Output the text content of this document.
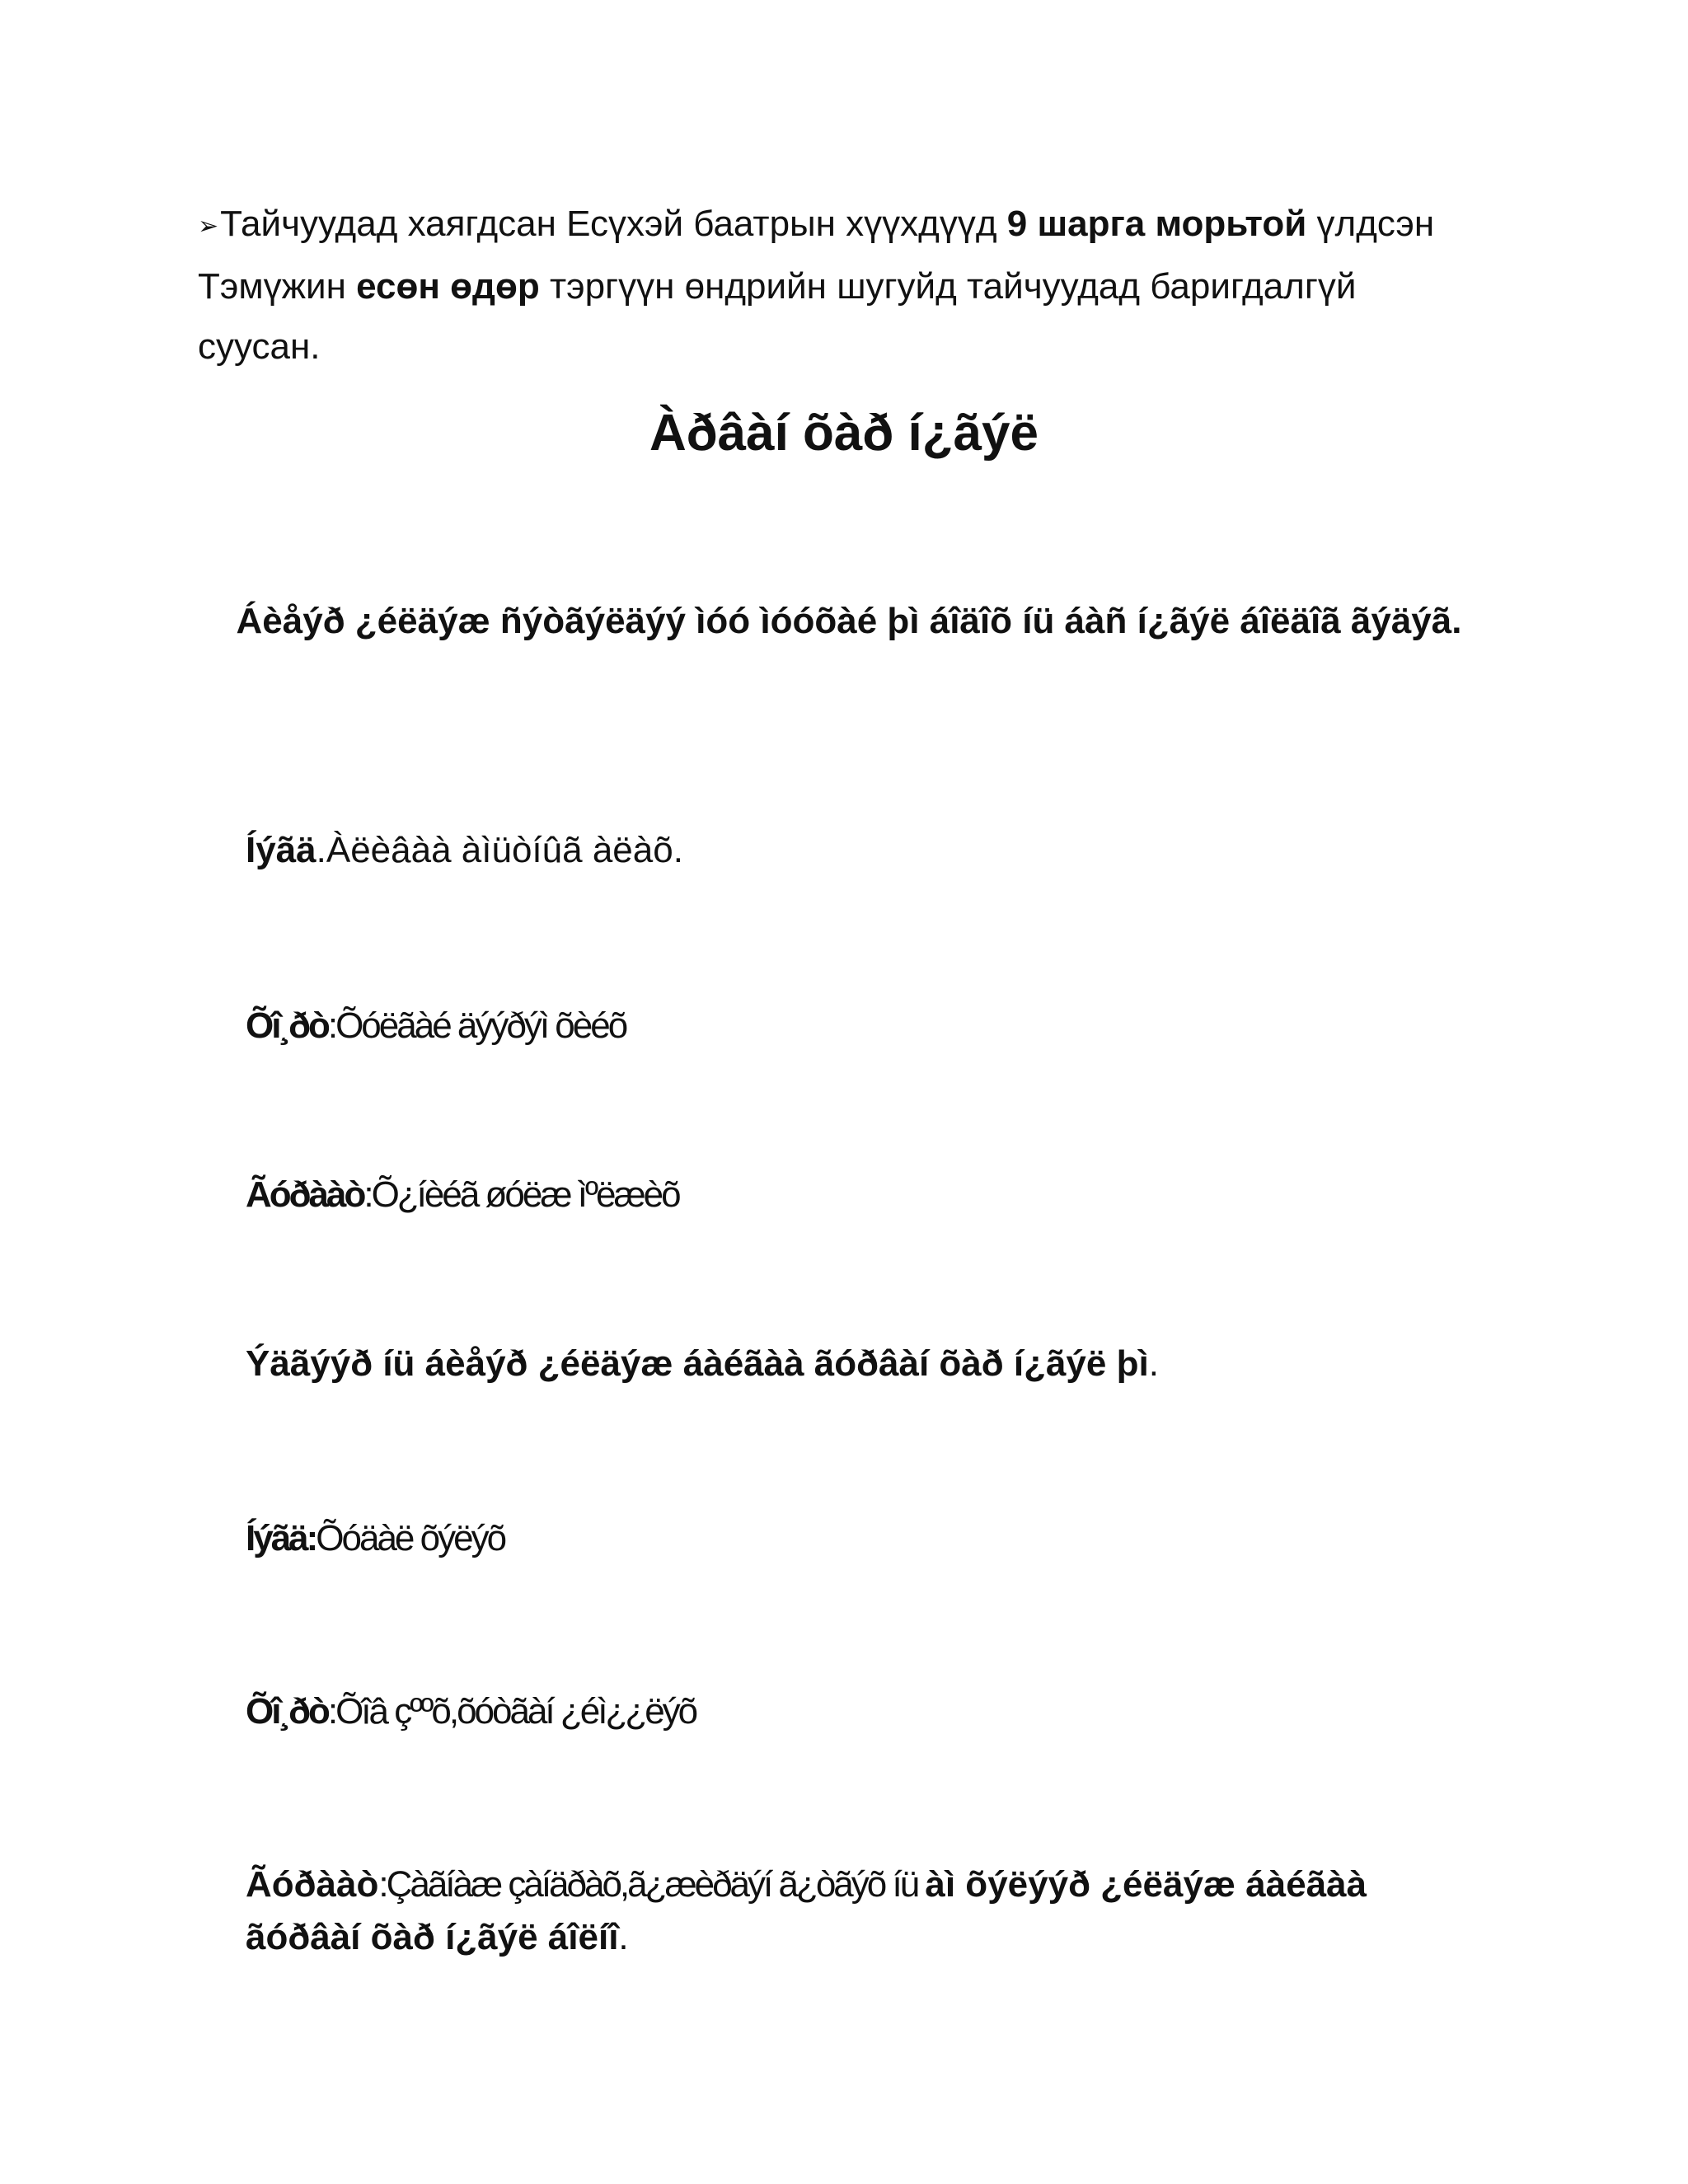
➢Тайчуудад хаягдсан Есүхэй баатрын хүүхдүүд 9 шарга морьтой үлдсэн Тэмүжин есөн өдөр тэргүүн өндрийн шугуйд тайчуудад баригдалгүй суусан.

Àðâàí õàð í¿ãýë

Áèåýð ¿éëäýæ ñýòãýëäýý ìóó ìóóõàé þì áîäîõ íü áàñ í¿ãýë áîëäîã ãýäýã.

Íýãä.Àëèâàà àìüòíûã àëàõ.

Õî¸ðò:Õóëãàé äýýðýì õèéõ

Ãóðààò:Õ¿íèéã øóëæ ìºëæèõ

Ýäãýýð íü áèåýð ¿éëäýæ áàéãàà ãóðâàí õàð í¿ãýë þì.

Íýãä:Õóäàë õýëýõ

Õî¸ðò:Õîâ çººõ,õóòãàí ¿éì¿¿ëýõ

Ãóðààò:Çàãíàæ çàíäðàõ,ã¿æèðäýí ã¿òãýõ íü àì õýëýýð ¿éëäýæ áàéãàà ãóðâàí õàð í¿ãýë áîëíî.
